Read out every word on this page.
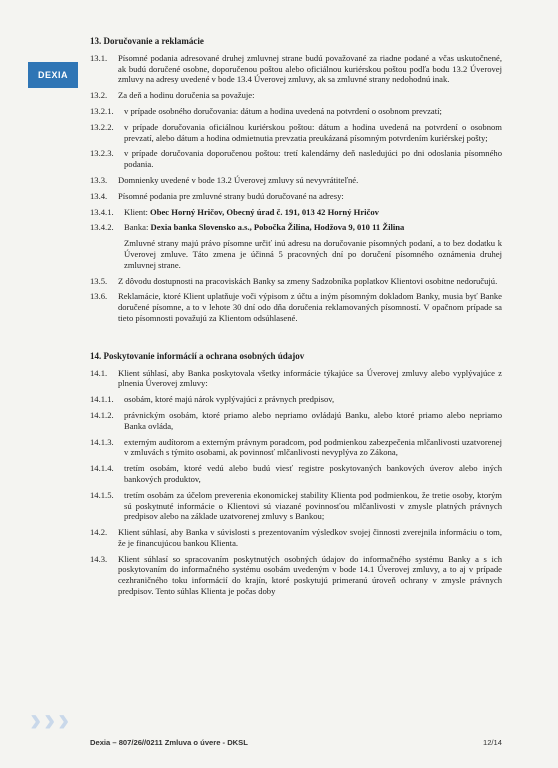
DEXIA
› › ›
13. Doručovanie a reklamácie
13.1.	Písomné podania adresované druhej zmluvnej strane budú považované za riadne podané a včas uskutočnené, ak budú doručené osobne, doporučenou poštou alebo oficiálnou kuriérskou poštou podľa bodu 13.2 Úverovej zmluvy na adresy uvedené v bode 13.4 Úverovej zmluvy, ak sa zmluvné strany nedohodnú inak.
13.2.	Za deň a hodinu doručenia sa považuje:
13.2.1.	v prípade osobného doručovania: dátum a hodina uvedená na potvrdení o osobnom prevzatí;
13.2.2.	v prípade doručovania oficiálnou kuriérskou poštou: dátum a hodina uvedená na potvrdení o osobnom prevzatí, alebo dátum a hodina odmietnutia prevzatia preukázaná písomným potvrdením kuriérskej pošty;
13.2.3.	v prípade doručovania doporučenou poštou: tretí kalendárny deň nasledujúci po dni odoslania písomného podania.
13.3.	Domnienky uvedené v bode 13.2 Úverovej zmluvy sú nevyvrátiteľné.
13.4.	Písomné podania pre zmluvné strany budú doručované na adresy:
13.4.1.	Klient: Obec Horný Hričov, Obecný úrad č. 191, 013 42 Horný Hričov
13.4.2.	Banka: Dexia banka Slovensko a.s., Pobočka Žilina, Hodžova 9, 010 11 Žilina
Zmluvné strany majú právo písomne určiť inú adresu na doručovanie písomných podaní, a to bez dodatku k Úverovej zmluve. Táto zmena je účinná 5 pracovných dní po doručení písomného oznámenia druhej zmluvnej strane.
13.5.	Z dôvodu dostupnosti na pracoviskách Banky sa zmeny Sadzobníka poplatkov Klientovi osobitne nedoručujú.
13.6.	Reklamácie, ktoré Klient uplatňuje voči výpisom z účtu a iným písomným dokladom Banky, musia byť Banke doručené písomne, a to v lehote 30 dní odo dňa doručenia reklamovaných písomností. V opačnom prípade sa tieto písomnosti považujú za Klientom odsúhlasené.
14. Poskytovanie informácií a ochrana osobných údajov
14.1.	Klient súhlasí, aby Banka poskytovala všetky informácie týkajúce sa Úverovej zmluvy alebo vyplývajúce z plnenia Úverovej zmluvy:
14.1.1.	osobám, ktoré majú nárok vyplývajúci z právnych predpisov,
14.1.2.	právnickým osobám, ktoré priamo alebo nepriamo ovládajú Banku, alebo ktoré priamo alebo nepriamo Banka ovláda,
14.1.3.	externým audítorom a externým právnym poradcom, pod podmienkou zabezpečenia mlčanlivosti uzatvorenej v zmluvách s týmito osobami, ak povinnosť mlčanlivosti nevyplýva zo Zákona,
14.1.4.	tretím osobám, ktoré vedú alebo budú viesť registre poskytovaných bankových úverov alebo iných bankových produktov,
14.1.5.	tretím osobám za účelom preverenia ekonomickej stability Klienta pod podmienkou, že tretie osoby, ktorým sú poskytnuté informácie o Klientovi sú viazané povinnosťou mlčanlivosti v zmysle platných právnych predpisov alebo na základe uzatvorenej zmluvy s Bankou;
14.2.	Klient súhlasí, aby Banka v súvislosti s prezentovaním výsledkov svojej činnosti zverejnila informáciu o tom, že je financujúcou bankou Klienta.
14.3.	Klient súhlasí so spracovaním poskytnutých osobných údajov do informačného systému Banky a s ich poskytovaním do informačného systému osobám uvedeným v bode 14.1 Úverovej zmluvy, a to aj v prípade cezhraničného toku informácií do krajín, ktoré poskytujú primeranú úroveň ochrany v zmysle právnych predpisov. Tento súhlas Klienta je počas doby
Dexia – 807/26//0211 Zmluva o úvere - DKSL	12/14
